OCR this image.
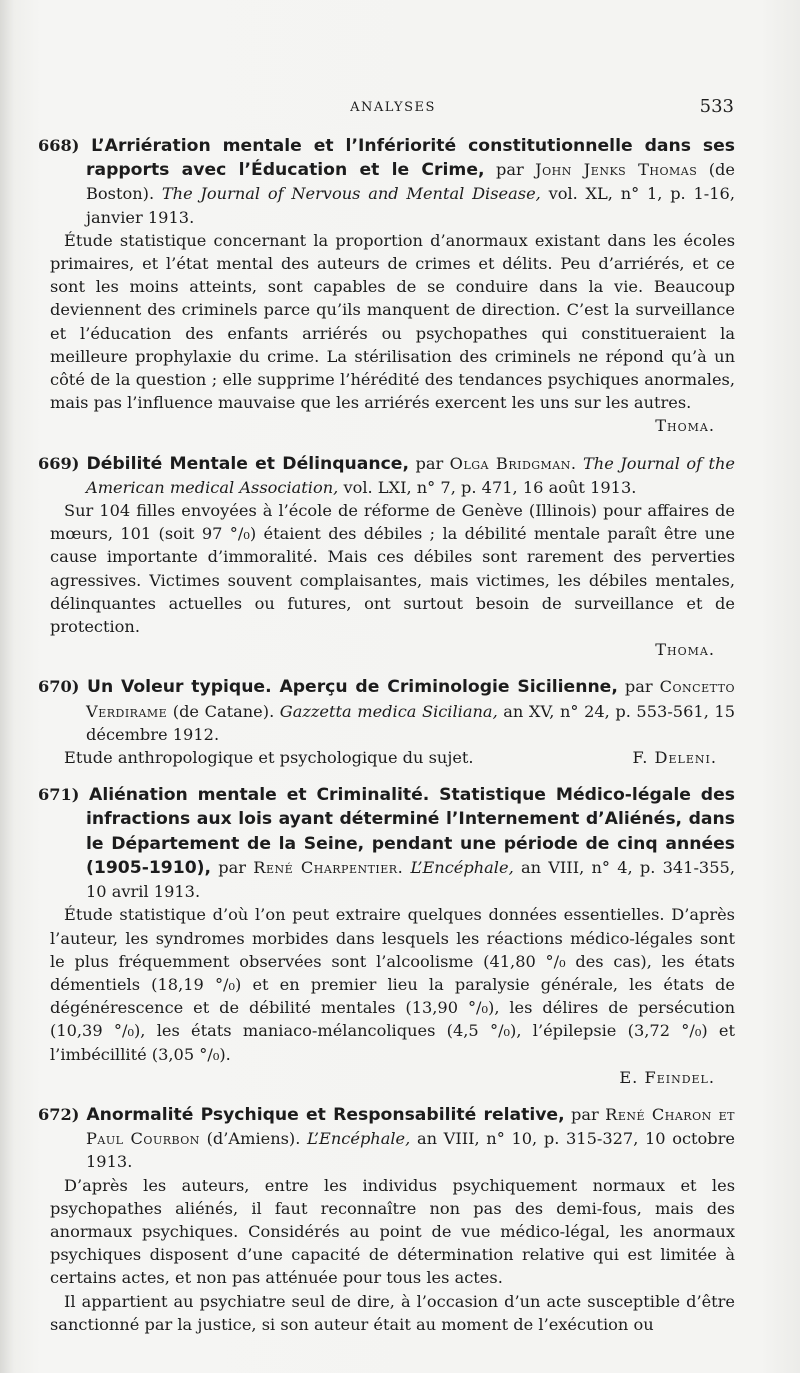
ANALYSES	533
668) L’Arriération mentale et l’Infériorité constitutionnelle dans ses rapports avec l’Éducation et le Crime, par John Jenks Thomas (de Boston). The Journal of Nervous and Mental Disease, vol. XL, n° 1, p. 1-16, janvier 1913.

Étude statistique concernant la proportion d’anormaux existant dans les écoles primaires, et l’état mental des auteurs de crimes et délits. Peu d’arriérés, et ce sont les moins atteints, sont capables de se conduire dans la vie. Beaucoup deviennent des criminels parce qu’ils manquent de direction. C’est la surveillance et l’éducation des enfants arriérés ou psychopathes qui constitueraient la meilleure prophylaxie du crime. La stérilisation des criminels ne répond qu’à un côté de la question ; elle supprime l’hérédité des tendances psychiques anormales, mais pas l’influence mauvaise que les arriérés exercent les uns sur les autres.

Thoma.
669) Débilité Mentale et Délinquance, par Olga Bridgman. The Journal of the American medical Association, vol. LXI, n° 7, p. 471, 16 août 1913.

Sur 104 filles envoyées à l’école de réforme de Genève (Illinois) pour affaires de mœurs, 101 (soit 97 °/₀) étaient des débiles ; la débilité mentale paraît être une cause importante d’immoralité. Mais ces débiles sont rarement des perverties agressives. Victimes souvent complaisantes, mais victimes, les débiles mentales, délinquantes actuelles ou futures, ont surtout besoin de surveillance et de protection.

Thoma.
670) Un Voleur typique. Aperçu de Criminologie Sicilienne, par Concetto Verdirame (de Catane). Gazzetta medica Siciliana, an XV, n° 24, p. 553-561, 15 décembre 1912.

Etude anthropologique et psychologique du sujet.	F. Deleni.

671) Aliénation mentale et Criminalité. Statistique Médico-légale des infractions aux lois ayant déterminé l’Internement d’Aliénés, dans le Département de la Seine, pendant une période de cinq années (1905-1910), par René Charpentier. L’Encéphale, an VIII, n° 4, p. 341-355, 10 avril 1913.

Étude statistique d’où l’on peut extraire quelques données essentielles. D’après l’auteur, les syndromes morbides dans lesquels les réactions médico-légales sont le plus fréquemment observées sont l’alcoolisme (41,80 °/₀ des cas), les états démentiels (18,19 °/₀) et en premier lieu la paralysie générale, les états de dégénérescence et de débilité mentales (13,90 °/₀), les délires de persécution (10,39 °/₀), les états maniaco-mélancoliques (4,5 °/₀), l’épilepsie (3,72 °/₀) et l’imbécillité (3,05 °/₀).

E. Feindel.
672) Anormalité Psychique et Responsabilité relative, par René Charon et Paul Courbon (d’Amiens). L’Encéphale, an VIII, n° 10, p. 315-327, 10 octobre 1913.

D’après les auteurs, entre les individus psychiquement normaux et les psychopathes aliénés, il faut reconnaître non pas des demi-fous, mais des anormaux psychiques. Considérés au point de vue médico-légal, les anormaux psychiques disposent d’une capacité de détermination relative qui est limitée à certains actes, et non pas atténuée pour tous les actes.

Il appartient au psychiatre seul de dire, à l’occasion d’un acte susceptible d’être sanctionné par la justice, si son auteur était au moment de l’exécution ou
